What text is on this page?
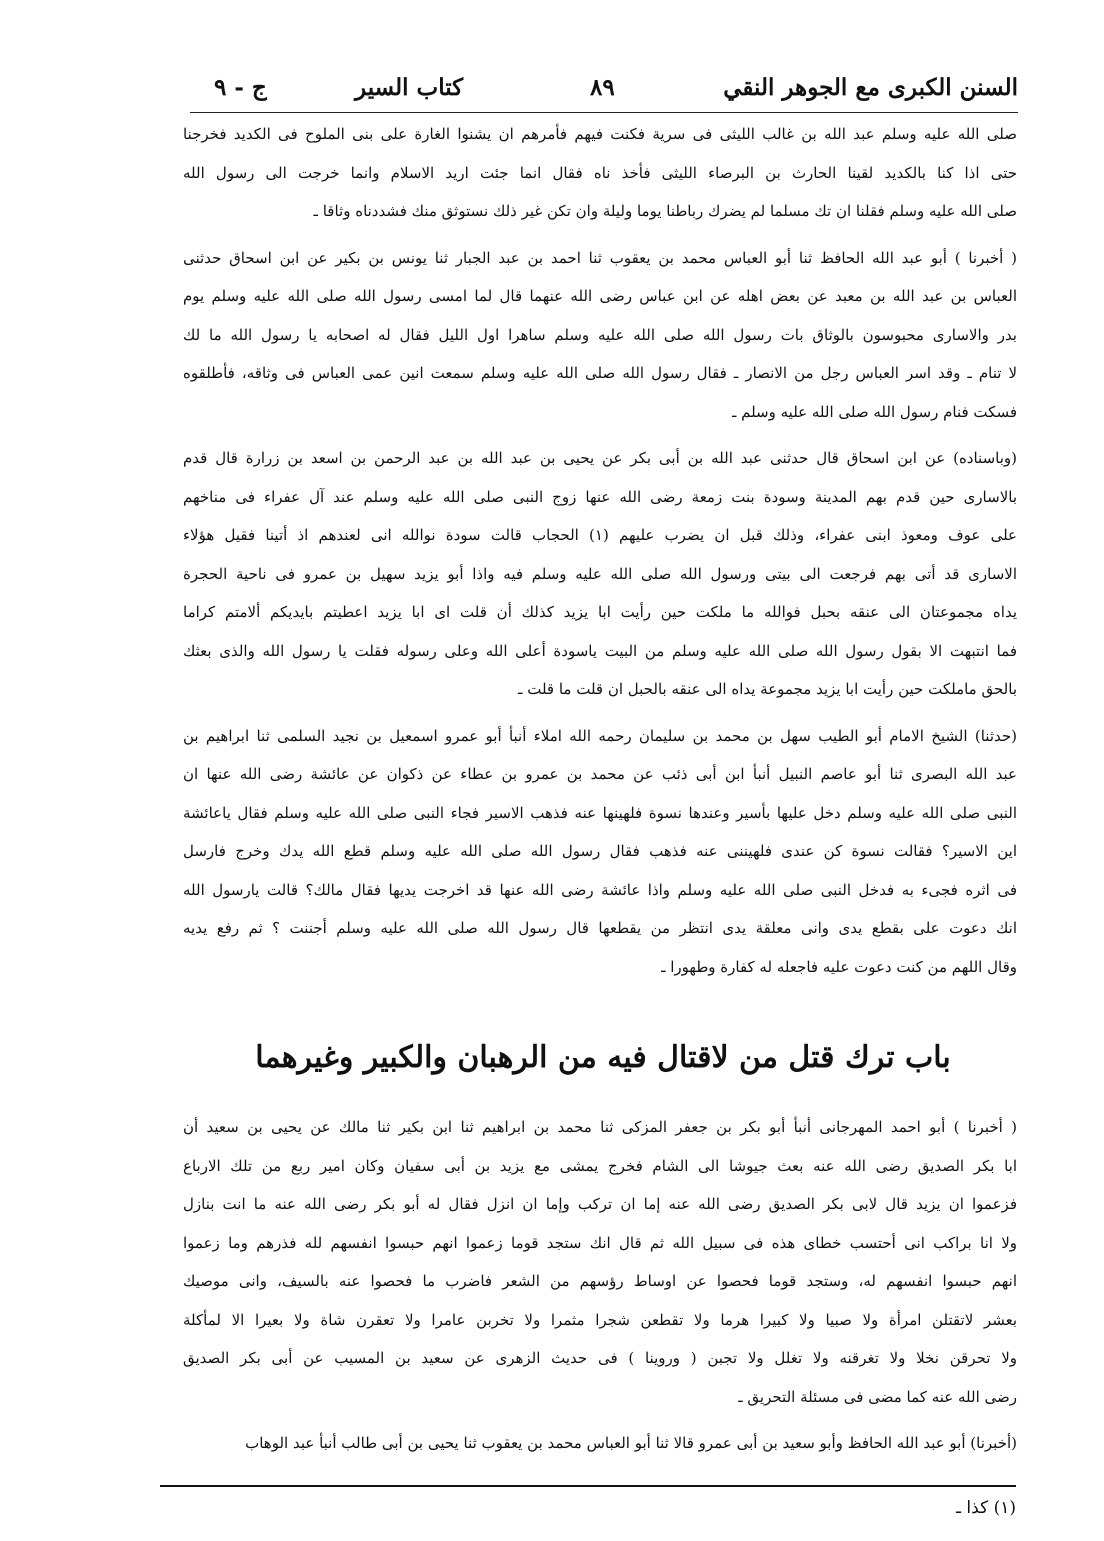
السنن الكبرى مع الجوهر النقي
٨٩
كتاب السير
ج - ٩
صلى الله عليه وسلم عبد الله بن غالب الليثى فى سرية فكنت فيهم فأمرهم ان يشنوا الغارة على بنى الملوح فى الكديد فخرجنا
حتى اذا كنا بالكديد لقينا الحارث بن البرصاء الليثى فأخذ ناه فقال انما جئت اريد الاسلام وانما خرجت الى رسول الله
صلى الله عليه وسلم فقلنا ان تك مسلما لم يضرك رباطنا يوما وليلة وان تكن غير ذلك نستوثق منك فشددناه وثاقا ـ
( أخبرنا ) أبو عبد الله الحافظ ثنا أبو العباس محمد بن يعقوب ثنا احمد بن عبد الجبار ثنا يونس بن بكير عن ابن اسحاق حدثنى
العباس بن عبد الله بن معبد عن بعض اهله عن ابن عباس رضى الله عنهما قال لما امسى رسول الله صلى الله عليه وسلم يوم
بدر والاسارى محبوسون بالوثاق بات رسول الله صلى الله عليه وسلم ساهرا اول الليل فقال له اصحابه يا رسول الله ما لك
لا تنام ـ وقد اسر العباس رجل من الانصار ـ فقال رسول الله صلى الله عليه وسلم سمعت انين عمى العباس فى وثاقه، فأطلقوه
فسكت فنام رسول الله صلى الله عليه وسلم ـ
(وباسناده) عن ابن اسحاق قال حدثنى عبد الله بن أبى بكر عن يحيى بن عبد الله بن عبد الرحمن بن اسعد بن زرارة قال قدم
بالاسارى حين قدم بهم المدينة وسودة بنت زمعة رضى الله عنها زوج النبى صلى الله عليه وسلم عند آل عفراء فى مناخهم
على عوف ومعوذ ابنى عفراء، وذلك قبل ان يضرب عليهم (١) الحجاب قالت سودة نوالله انى لعندهم اذ أتينا فقيل هؤلاء
الاسارى قد أتى بهم فرجعت الى بيتى ورسول الله صلى الله عليه وسلم فيه واذا أبو يزيد سهيل بن عمرو فى ناحية الحجرة
يداه مجموعتان الى عنقه بحبل فوالله ما ملكت حين رأيت ابا يزيد كذلك أن قلت اى ابا يزيد اعطيتم بايديكم ألامتم كراما
فما انتبهت الا بقول رسول الله صلى الله عليه وسلم من البيت ياسودة أعلى الله وعلى رسوله فقلت يا رسول الله والذى بعثك
بالحق ماملكت حين رأيت ابا يزيد مجموعة يداه الى عنقه بالحبل ان قلت ما قلت ـ
(حدثنا) الشيخ الامام أبو الطيب سهل بن محمد بن سليمان رحمه الله املاء أنبأ أبو عمرو اسمعيل بن نجيد السلمى ثنا ابراهيم بن
عبد الله البصرى ثنا أبو عاصم النبيل أنبأ ابن أبى ذئب عن محمد بن عمرو بن عطاء عن ذكوان عن عائشة رضى الله عنها ان
النبى صلى الله عليه وسلم دخل عليها بأسير وعندها نسوة فلهينها عنه فذهب الاسير فجاء النبى صلى الله عليه وسلم فقال ياعائشة
اين الاسير؟ فقالت نسوة كن عندى فلهيننى عنه فذهب فقال رسول الله صلى الله عليه وسلم قطع الله يدك وخرج فارسل
فى اثره فجىء به فدخل النبى صلى الله عليه وسلم واذا عائشة رضى الله عنها قد اخرجت يديها فقال مالك؟ قالت يارسول الله
انك دعوت على بقطع يدى وانى معلقة يدى انتظر من يقطعها قال رسول الله صلى الله عليه وسلم أجننت ؟ ثم رفع يديه
وقال اللهم من كنت دعوت عليه فاجعله له كفارة وطهورا ـ
باب ترك قتل من لاقتال فيه من الرهبان والكبير وغيرهما
( أخبرنا ) أبو احمد المهرجانى أنبأ أبو بكر بن جعفر المزكى ثنا محمد بن ابراهيم ثنا ابن بكير ثنا مالك عن يحيى بن سعيد أن
ابا بكر الصديق رضى الله عنه بعث جيوشا الى الشام فخرج يمشى مع يزيد بن أبى سفيان وكان امير ربع من تلك الارباع
فزعموا ان يزيد قال لابى بكر الصديق رضى الله عنه إما ان تركب وإما ان انزل فقال له أبو بكر رضى الله عنه ما انت بنازل
ولا انا براكب انى أحتسب خطاى هذه فى سبيل الله ثم قال انك ستجد قوما زعموا انهم حبسوا انفسهم لله فذرهم وما زعموا
انهم حبسوا انفسهم له، وستجد قوما فحصوا عن اوساط رؤسهم من الشعر فاضرب ما فحصوا عنه بالسيف، وانى موصيك
بعشر لاتقتلن امرأة ولا صبيا ولا كبيرا هرما ولا تقطعن شجرا مثمرا ولا تخربن عامرا ولا تعقرن شاة ولا بعيرا الا لمأكلة
ولا تحرقن نخلا ولا تغرقنه ولا تغلل ولا تجبن ( وروينا ) فى حديث الزهرى عن سعيد بن المسيب عن أبى بكر الصديق
رضى الله عنه كما مضى فى مسئلة التحريق ـ
(أخبرنا) أبو عبد الله الحافظ وأبو سعيد بن أبى عمرو قالا ثنا أبو العباس محمد بن يعقوب ثنا يحيى بن أبى طالب أنبأ عبد الوهاب
(١) كذا ـ
